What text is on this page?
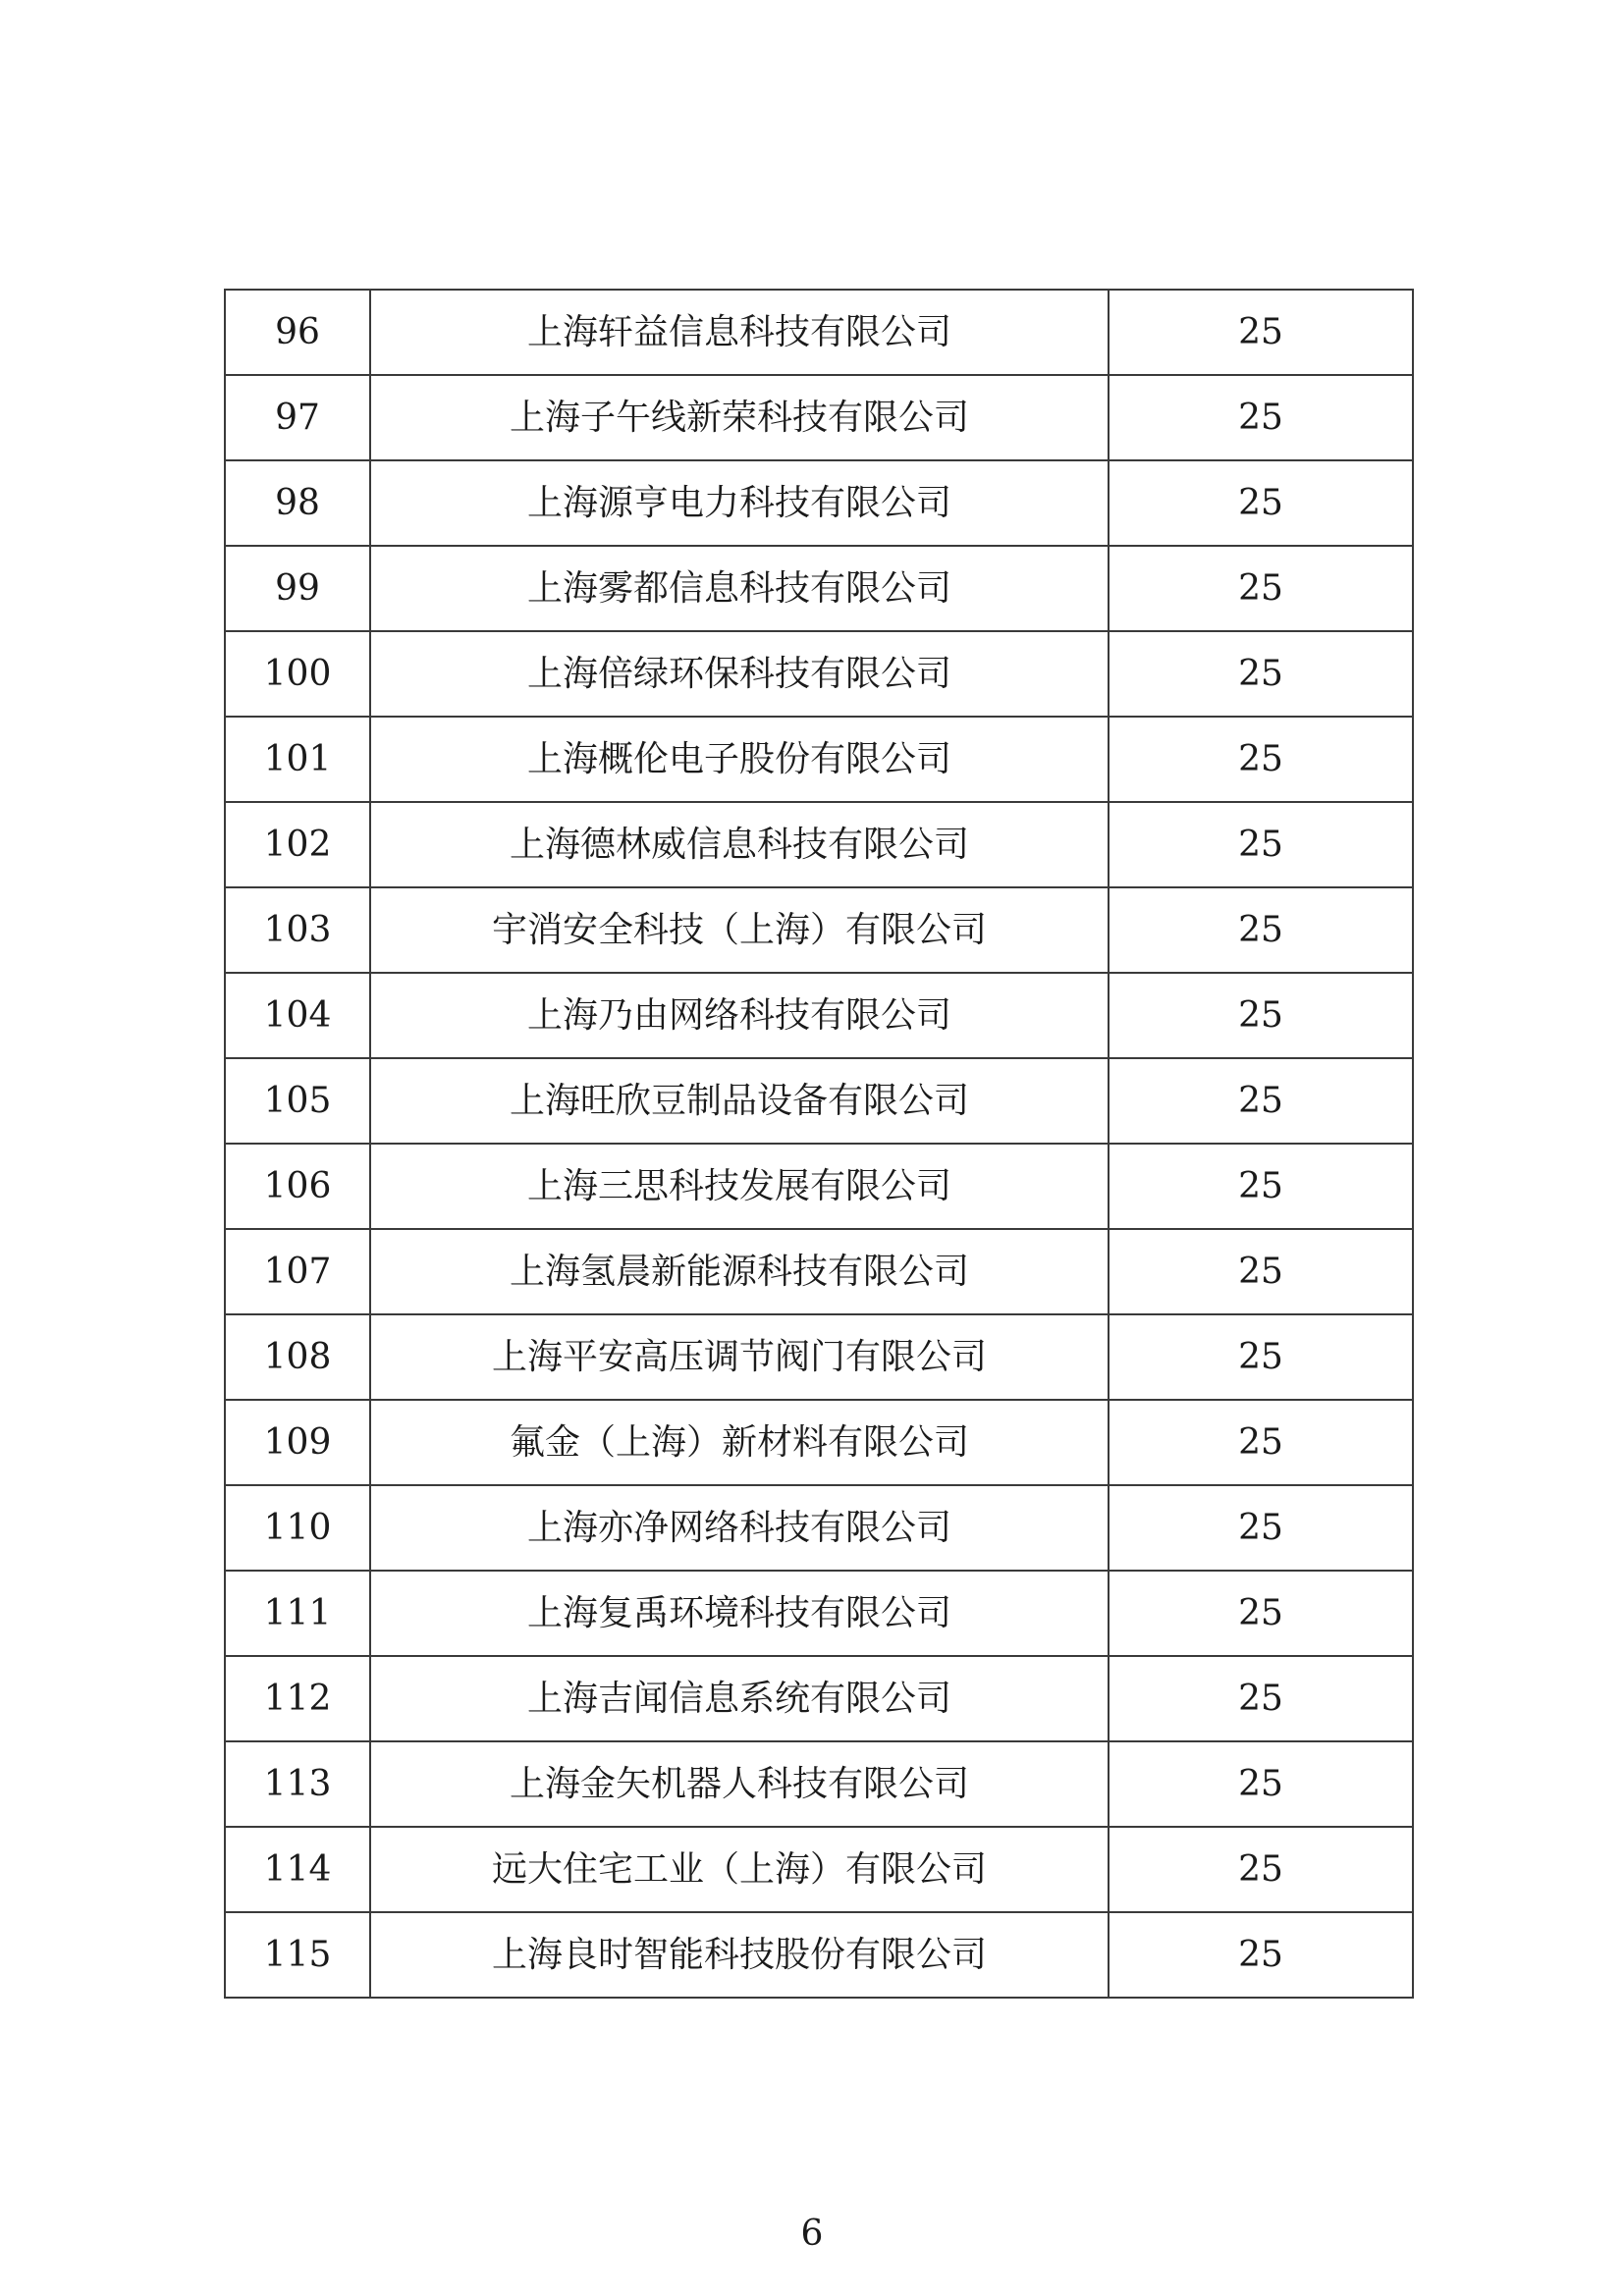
96	上海轩益信息科技有限公司	25
97	上海子午线新荣科技有限公司	25
98	上海源亨电力科技有限公司	25
99	上海雾都信息科技有限公司	25
100	上海倍绿环保科技有限公司	25
101	上海概伦电子股份有限公司	25
102	上海德林威信息科技有限公司	25
103	宇消安全科技（上海）有限公司	25
104	上海乃由网络科技有限公司	25
105	上海旺欣豆制品设备有限公司	25
106	上海三思科技发展有限公司	25
107	上海氢晨新能源科技有限公司	25
108	上海平安高压调节阀门有限公司	25
109	氟金（上海）新材料有限公司	25
110	上海亦净网络科技有限公司	25
111	上海复禹环境科技有限公司	25
112	上海吉闻信息系统有限公司	25
113	上海金矢机器人科技有限公司	25
114	远大住宅工业（上海）有限公司	25
115	上海良时智能科技股份有限公司	25
6
